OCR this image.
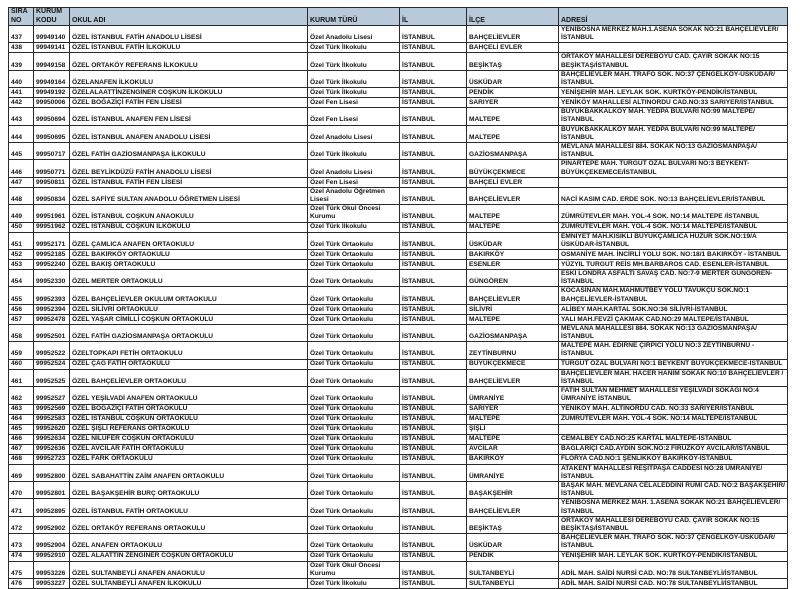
SIRA NO	KURUM KODU	OKUL ADI	KURUM TÜRÜ	İL	İLÇE	ADRESİ
437	99949140	ÖZEL İSTANBUL FATİH ANADOLU LİSESİ	Özel Anadolu Lisesi	İSTANBUL	BAHÇELİEVLER	YENİBOSNA MERKEZ MAH.1.ASENA SOKAK NO:21 BAHÇELİEVLER/İSTANBUL
438	99949141	ÖZEL İSTANBUL FATİH İLKOKULU	Özel Türk İlkokulu	İSTANBUL	BAHÇELİ EVLER	
439	99949158	ÖZEL ORTAKÖY REFERANS İLKOKULU	Özel Türk İlkokulu	İSTANBUL	BEŞİKTAŞ	ORTAKÖY MAHALLESİ DEREBOYU CAD. ÇAYIR SOKAK NO:15 BEŞİKTAŞ/İSTANBUL
440	99949164	ÖZELANAFEN İLKOKULU	Özel Türk İlkokulu	İSTANBUL	ÜSKÜDAR	BAHÇELİEVLER MAH. TRAFO SOK. NO:37 ÇENGELKÖY-ÜSKÜDAR/İSTANBUL
441	99949192	ÖZELALAATTİNZENGİNER COŞKUN İLKOKULU	Özel Türk İlkokulu	İSTANBUL	PENDİK	YENİŞEHİR MAH. LEYLAK SOK. KURTKÖY-PENDİK/İSTANBUL
442	99950006	ÖZEL BOĞAZİÇİ FATİH FEN LİSESİ	Özel Fen Lisesi	İSTANBUL	SARIYER	YENİKÖY MAHALLESİ ALTINORDU CAD.NO:33 SARIYER/İSTANBUL
443	99950694	ÖZEL İSTANBUL ANAFEN FEN LİSESİ	Özel Fen Lisesi	İSTANBUL	MALTEPE	BÜYÜKBAKKALKÖY MAH. YEDPA BULVARI NO:99 MALTEPE/İSTANBUL
444	99950695	ÖZEL İSTANBUL ANAFEN ANADOLU LİSESİ	Özel Anadolu Lisesi	İSTANBUL	MALTEPE	BÜYÜKBAKKALKÖY MAH. YEDPA BULVARI NO:99 MALTEPE/İSTANBUL
445	99950717	ÖZEL FATİH GAZİOSMANPAŞA İLKOKULU	Özel Türk İlkokulu	İSTANBUL	GAZİOSMANPAŞA	MEVLANA MAHALLESİ 884. SOKAK NO:13 GAZİOSMANPAŞA/İSTANBUL
446	99950771	ÖZEL BEYLİKDÜZÜ FATİH ANADOLU LİSESİ	Özel Anadolu Lisesi	İSTANBUL	BÜYÜKÇEKMECE	PINARTEPE MAH. TURGUT ÖZAL BULVARI NO:3 BEYKENT-BÜYÜKÇEKEMECE/İSTANBUL
447	99950811	ÖZEL İSTANBUL FATİH FEN LİSESİ	Özel Fen Lisesi	İSTANBUL	BAHÇELİ EVLER	
448	99950834	ÖZEL SAFİYE SULTAN ANADOLU ÖĞRETMEN LİSESİ	Özel Anadolu Öğretmen Lisesi	İSTANBUL	BAHÇELİEVLER	NACİ KASIM CAD. ERDE SOK. NO:13 BAHÇELİEVLER/İSTANBUL
449	99951961	ÖZEL İSTANBUL COŞKUN ANAOKULU	Özel Türk Okul Öncesi Kurumu	İSTANBUL	MALTEPE	ZÜMRÜTEVLER MAH. YOL-4 SOK. NO:14 MALTEPE /İSTANBUL
450	99951962	ÖZEL İSTANBUL COŞKUN İLKOKULU	Özel Türk İlkokulu	İSTANBUL	MALTEPE	ZÜMRÜTEVLER MAH. YOL-4 SOK. NO:14 MALTEPE/İSTANBUL
451	99952171	ÖZEL ÇAMLICA ANAFEN ORTAOKULU	Özel Türk Ortaokulu	İSTANBUL	ÜSKÜDAR	EMNİYET MAH.KISIKLI BÜYÜKÇAMLICA HUZUR SOK.NO:19/A ÜSKÜDAR-İSTANBUL
452	99952185	ÖZEL BAKIRKÖY ORTAOKULU	Özel Türk Ortaokulu	İSTANBUL	BAKIRKÖY	OSMANİYE MAH. İNCİRLİ YOLU SOK. NO:18/1 BAKIRKÖY - İSTANBUL
453	99952240	ÖZEL BAKIŞ ORTAOKULU	Özel Türk Ortaokulu	İSTANBUL	ESENLER	YÜZYIL TURGUT REİS MH.BARBAROS CAD. ESENLER-İSTANBUL
454	99952330	ÖZEL MERTER ORTAOKULU	Özel Türk Ortaokulu	İSTANBUL	GÜNGÖREN	ESKİ LONDRA ASFALTI SAVAŞ CAD. NO:7-9 MERTER GÜNGÖREN-İSTANBUL
455	99952393	ÖZEL BAHÇELİEVLER OKULUM ORTAOKULU	Özel Türk Ortaokulu	İSTANBUL	BAHÇELİEVLER	KOCASİNAN MAH.MAHMUTBEY YOLU TAVUKÇU SOK.NO:1 BAHÇELİEVLER-İSTANBUL
456	99952394	ÖZEL SİLİVRİ ORTAOKULU	Özel Türk Ortaokulu	İSTANBUL	SİLİVRİ	ALİBEY MAH.KARTAL SOK.NO:36 SİLİVRİ-İSTANBUL
457	99952478	ÖZEL YAŞAR CİMİLLİ COŞKUN ORTAOKULU	Özel Türk Ortaokulu	İSTANBUL	MALTEPE	YALI MAH.FEVZİ ÇAKMAK CAD.NO:29 MALTEPE/İSTANBUL
458	99952501	ÖZEL FATİH GAZİOSMANPAŞA ORTAOKULU	Özel Türk Ortaokulu	İSTANBUL	GAZİOSMANPAŞA	MEVLANA MAHALLESİ 884. SOKAK NO:13 GAZİOSMANPAŞA/İSTANBUL
459	99952522	ÖZELTOPKAPI FETİH ORTAOKULU	Özel Türk Ortaokulu	İSTANBUL	ZEYTİNBURNU	MALTEPE MAH. EDİRNE ÇIRPICI YOLU NO:3 ZEYTİNBURNU - İSTANBUL
460	99952524	ÖZEL ÇAĞ FATİH ORTAOKULU	Özel Türk Ortaokulu	İSTANBUL	BÜYÜKÇEKMECE	TURGUT ÖZAL BULVARI NO:1 BEYKENT BÜYÜKÇEKMECE-İSTANBUL
461	99952525	ÖZEL BAHÇELİEVLER ORTAOKULU	Özel Türk Ortaokulu	İSTANBUL	BAHÇELİEVLER	BAHÇELİEVLER MAH. HACER HANIM SOKAK NO:10 BAHÇELİEVLER / İSTANBUL
462	99952527	ÖZEL YEŞİLVADİ ANAFEN ORTAOKULU	Özel Türk Ortaokulu	İSTANBUL	ÜMRANİYE	FATİH SULTAN MEHMET MAHALLESİ YEŞİLVADİ SOKAĞI NO:4 ÜMRANİYE İSTANBUL
463	99952569	ÖZEL BOĞAZİÇİ FATİH ORTAOKULU	Özel Türk Ortaokulu	İSTANBUL	SARIYER	YENİKÖY MAH. ALTINORDU CAD. NO:33 SARIYER/İSTANBUL
464	99952583	ÖZEL İSTANBUL COŞKUN ORTAOKULU	Özel Türk Ortaokulu	İSTANBUL	MALTEPE	ZÜMRÜTEVLER MAH. YOL-4 SOK. NO:14 MALTEPE/İSTANBUL
465	99952620	ÖZEL ŞİŞLİ REFERANS ORTAOKULU	Özel Türk Ortaokulu	İSTANBUL	ŞİŞLİ	
466	99952634	ÖZEL NİLÜFER COŞKUN ORTAOKULU	Özel Türk Ortaokulu	İSTANBUL	MALTEPE	CEMALBEY CAD.NO:25 KARTAL MALTEPE-İSTANBUL
467	99952636	ÖZEL AVCILAR FATİH ORTAOKULU	Özel Türk Ortaokulu	İSTANBUL	AVCILAR	BAĞLARİÇİ CAD.AYDIN SOK.NO:2 FİRUZKÖY AVCILAR/İSTANBUL
468	99952723	ÖZEL FARK ORTAOKULU	Özel Türk Ortaokulu	İSTANBUL	BAKIRKÖY	FLORYA CAD.NO:1 ŞENLİKKÖY BAKIRKÖY-İSTANBUL
469	99952800	ÖZEL SABAHATTİN ZAİM ANAFEN ORTAOKULU	Özel Türk Ortaokulu	İSTANBUL	ÜMRANİYE	ATAKENT MAHALLESİ REŞİTPAŞA CADDESİ NO:28 ÜMRANİYE/İSTANBUL
470	99952801	ÖZEL BAŞAKŞEHİR BURÇ ORTAOKULU	Özel Türk Ortaokulu	İSTANBUL	BAŞAKŞEHİR	BAŞAK MAH. MEVLANA CELALEDDİNİ RUMİ CAD. NO:2 BAŞAKŞEHİR/İSTANBUL
471	99952895	ÖZEL İSTANBUL FATİH ORTAOKULU	Özel Türk Ortaokulu	İSTANBUL	BAHÇELİEVLER	YENİBOSNA MERKEZ MAH. 1.ASENA SOKAK NO:21 BAHÇELİEVLER/İSTANBUL
472	99952902	ÖZEL ORTAKÖY REFERANS ORTAOKULU	Özel Türk Ortaokulu	İSTANBUL	BEŞİKTAŞ	ORTAKÖY MAHALLESİ DEREBOYU CAD. ÇAYIR SOKAK NO:15 BEŞİKTAŞ/İSTANBUL
473	99952904	ÖZEL ANAFEN ORTAOKULU	Özel Türk Ortaokulu	İSTANBUL	ÜSKÜDAR	BAHÇELİEVLER MAH. TRAFO SOK. NO:37 ÇENGELKÖY-ÜSKÜDAR/İSTANBUL
474	99952910	ÖZEL ALAATTİN ZENGİNER COŞKUN ORTAOKULU	Özel Türk Ortaokulu	İSTANBUL	PENDİK	YENİŞEHİR MAH. LEYLAK SOK. KURTKÖY-PENDİK/İSTANBUL
475	99953226	ÖZEL SULTANBEYLİ ANAFEN ANAOKULU	Özel Türk Okul Öncesi Kurumu	İSTANBUL	SULTANBEYLİ	ADİL MAH. SAİDİ NURSİ CAD. NO:78 SULTANBEYLİ/İSTANBUL
476	99953227	ÖZEL SULTANBEYLİ ANAFEN İLKOKULU	Özel Türk İlkokulu	İSTANBUL	SULTANBEYLİ	ADİL MAH. SAİDİ NURSİ CAD. NO:78 SULTANBEYLİ/İSTANBUL
